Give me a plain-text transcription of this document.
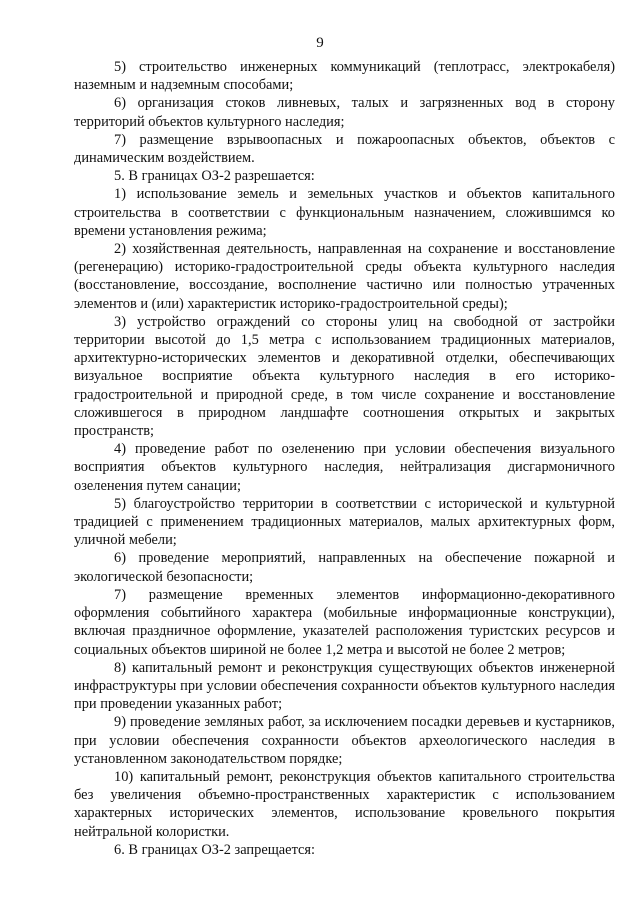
9

5) строительство инженерных коммуникаций (теплотрасс, электрокабеля) наземным и надземным способами;

6) организация стоков ливневых, талых и загрязненных вод в сторону территорий объектов культурного наследия;

7) размещение взрывоопасных и пожароопасных объектов, объектов с динамическим воздействием.

5. В границах ОЗ-2 разрешается:

1) использование земель и земельных участков и объектов капитального строительства в соответствии с функциональным назначением, сложившимся ко времени установления режима;

2) хозяйственная деятельность, направленная на сохранение и восстановление (регенерацию) историко-градостроительной среды объекта культурного наследия (восстановление, воссоздание, восполнение частично или полностью утраченных элементов и (или) характеристик историко-градостроительной среды);

3) устройство ограждений со стороны улиц на свободной от застройки территории высотой до 1,5 метра с использованием традиционных материалов, архитектурно-исторических элементов и декоративной отделки, обеспечивающих визуальное восприятие объекта культурного наследия в его историко-градостроительной и природной среде, в том числе сохранение и восстановление сложившегося в природном ландшафте соотношения открытых и закрытых пространств;

4) проведение работ по озеленению при условии обеспечения визуального восприятия объектов культурного наследия, нейтрализация дисгармоничного озеленения путем санации;

5) благоустройство территории в соответствии с исторической и культурной традицией с применением традиционных материалов, малых архитектурных форм, уличной мебели;

6) проведение мероприятий, направленных на обеспечение пожарной и экологической безопасности;

7) размещение временных элементов информационно-декоративного оформления событийного характера (мобильные информационные конструкции), включая праздничное оформление, указателей расположения туристских ресурсов и социальных объектов шириной не более 1,2 метра и высотой не более 2 метров;

8) капитальный ремонт и реконструкция существующих объектов инженерной инфраструктуры при условии обеспечения сохранности объектов культурного наследия при проведении указанных работ;

9) проведение земляных работ, за исключением посадки деревьев и кустарников, при условии обеспечения сохранности объектов археологического наследия в установленном законодательством порядке;

10) капитальный ремонт, реконструкция объектов капитального строительства без увеличения объемно-пространственных характеристик с использованием характерных исторических элементов, использование кровельного покрытия нейтральной колористки.

6. В границах ОЗ-2 запрещается:
